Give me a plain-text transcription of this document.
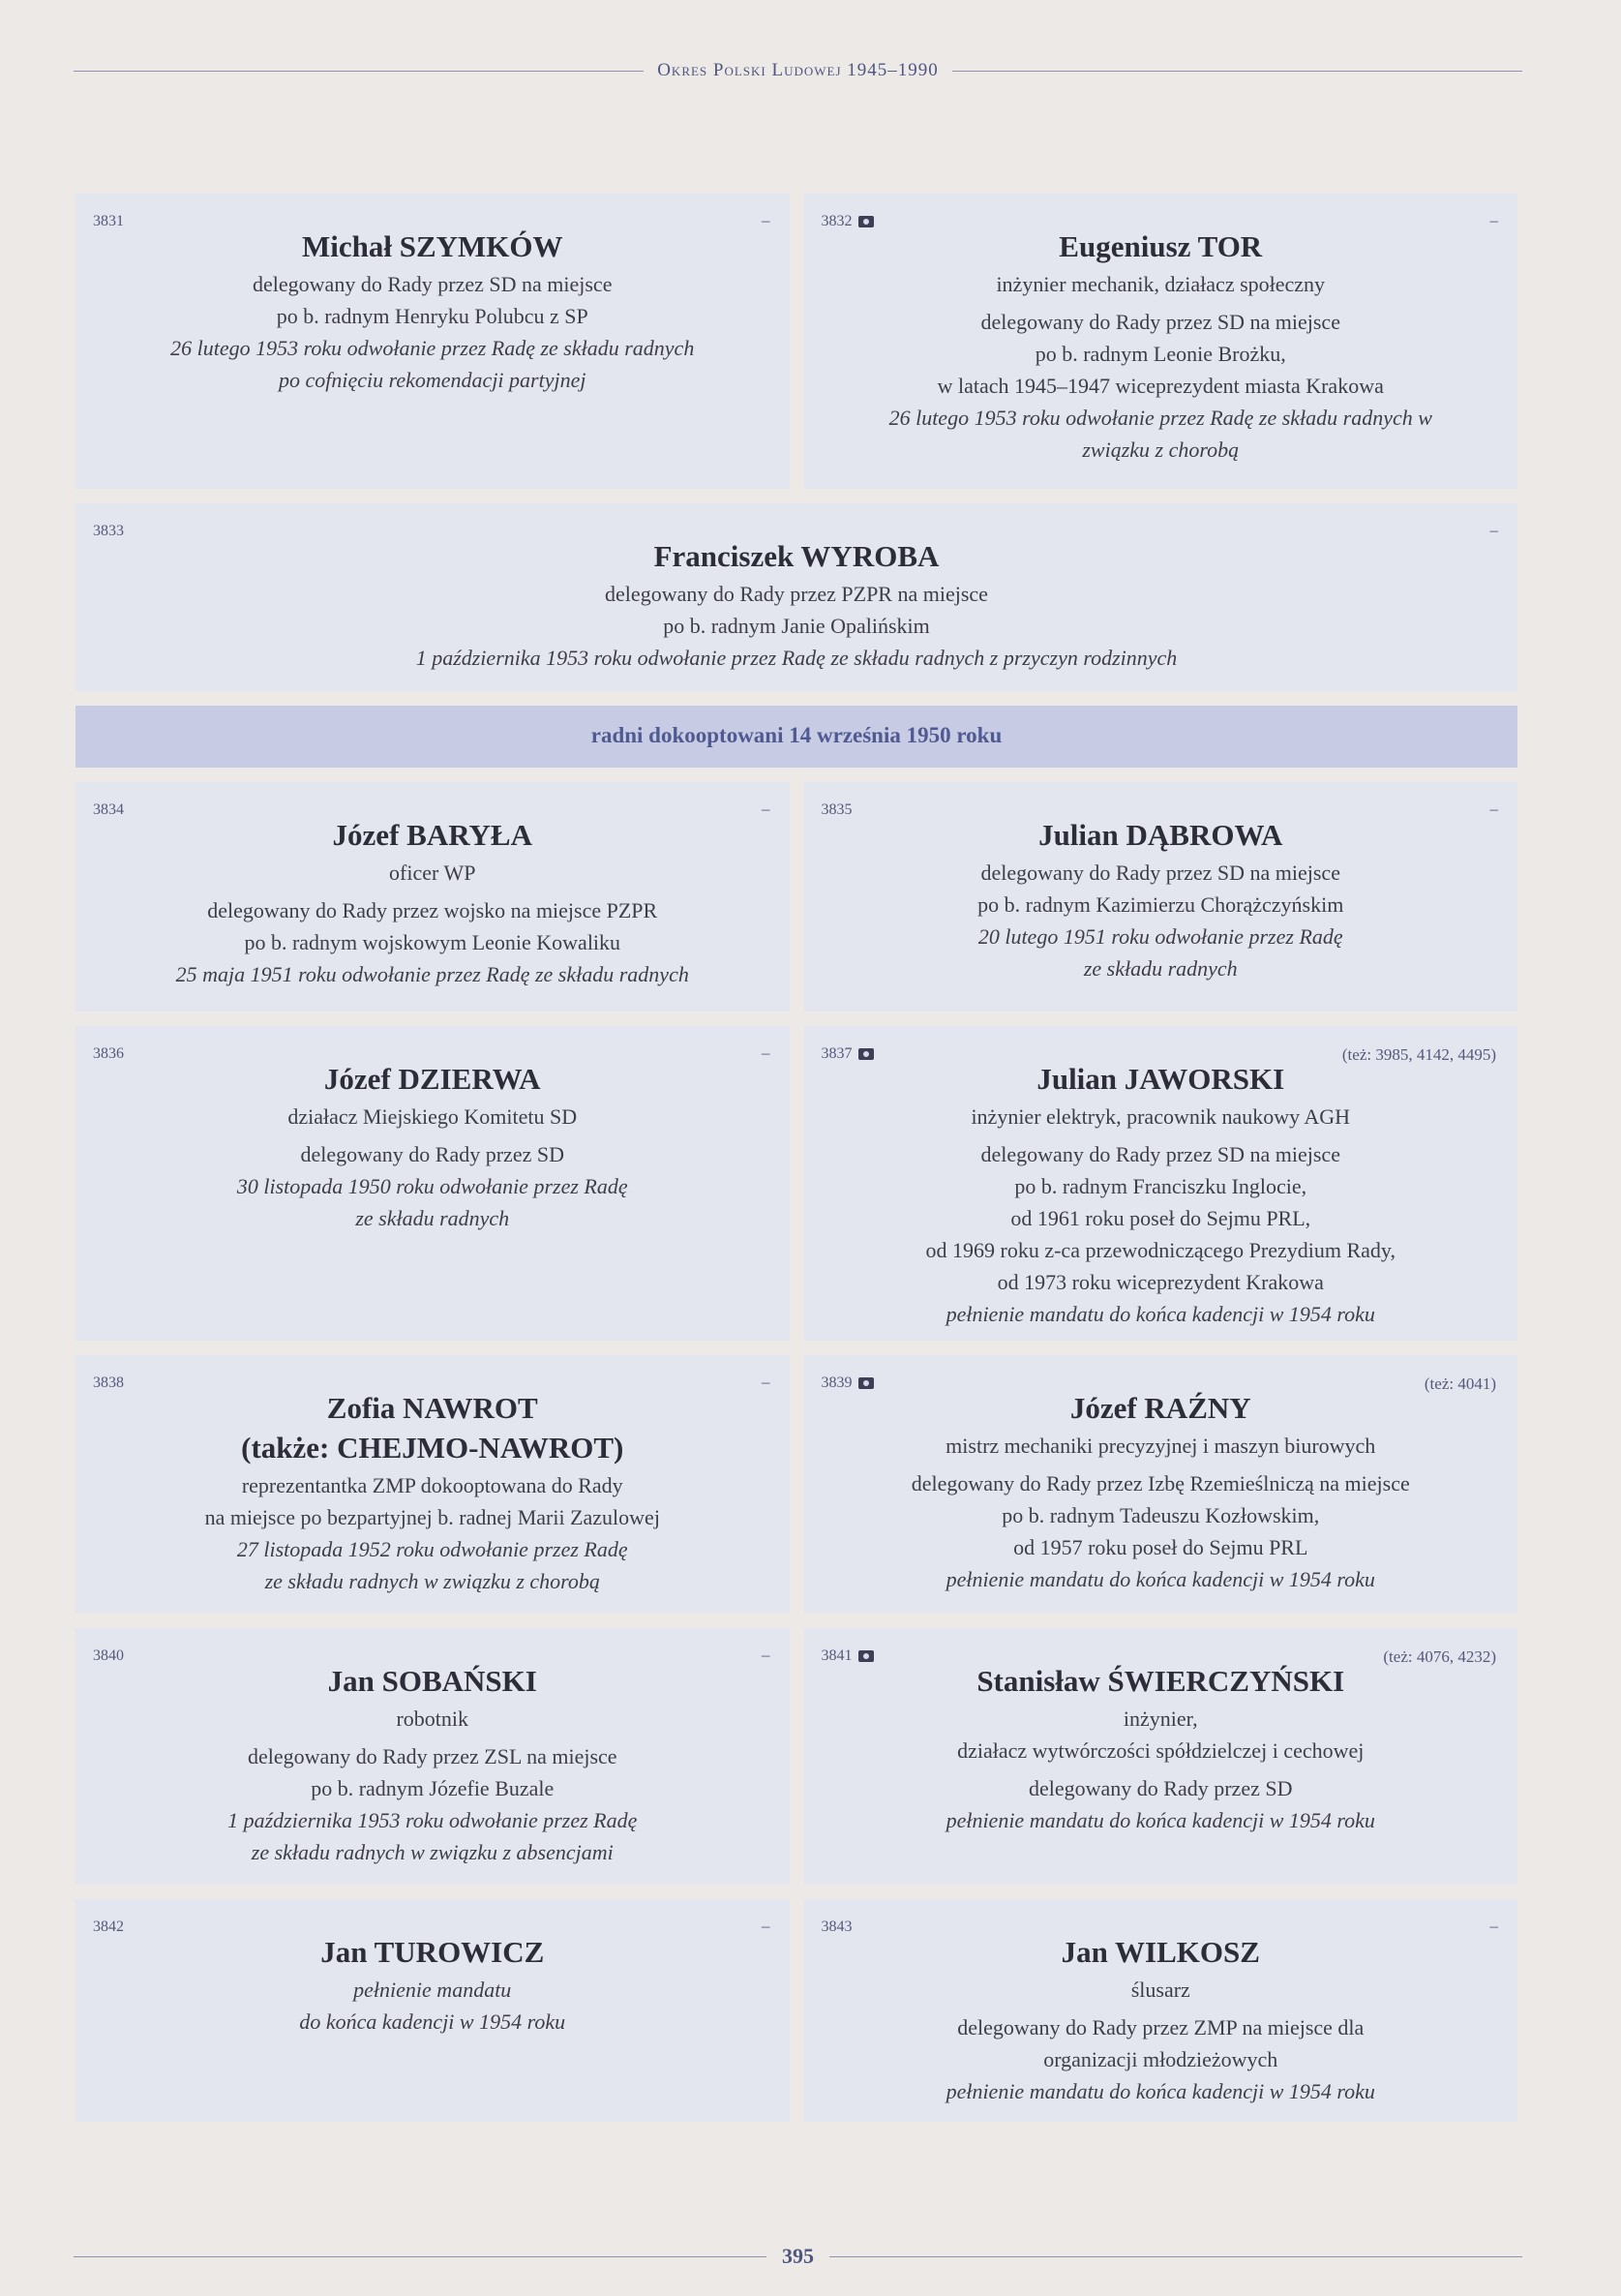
Okres Polski Ludowej 1945–1990
3831	–
Michał SZYMKÓW
delegowany do Rady przez SD na miejsce
po b. radnym Henryku Polubcu z SP
26 lutego 1953 roku odwołanie przez Radę ze składu radnych
po cofnięciu rekomendacji partyjnej
3832	–
Eugeniusz TOR
inżynier mechanik, działacz społeczny
delegowany do Rady przez SD na miejsce
po b. radnym Leonie Brożku,
w latach 1945–1947 wiceprezydent miasta Krakowa
26 lutego 1953 roku odwołanie przez Radę ze składu radnych w
związku z chorobą
3833	–
Franciszek WYROBA
delegowany do Rady przez PZPR na miejsce
po b. radnym Janie Opalińskim
1 października 1953 roku odwołanie przez Radę ze składu radnych z przyczyn rodzinnych
radni dokooptowani 14 września 1950 roku
3834	–
Józef BARYŁA
oficer WP
delegowany do Rady przez wojsko na miejsce PZPR
po b. radnym wojskowym Leonie Kowaliku
25 maja 1951 roku odwołanie przez Radę ze składu radnych
3835	–
Julian DĄBROWA
delegowany do Rady przez SD na miejsce
po b. radnym Kazimierzu Chorążczyńskim
20 lutego 1951 roku odwołanie przez Radę
ze składu radnych
3836	–
Józef DZIERWA
działacz Miejskiego Komitetu SD
delegowany do Rady przez SD
30 listopada 1950 roku odwołanie przez Radę
ze składu radnych
3837	(też: 3985, 4142, 4495)
Julian JAWORSKI
inżynier elektryk, pracownik naukowy AGH
delegowany do Rady przez SD na miejsce
po b. radnym Franciszku Inglocie,
od 1961 roku poseł do Sejmu PRL,
od 1969 roku z-ca przewodniczącego Prezydium Rady,
od 1973 roku wiceprezydent Krakowa
pełnienie mandatu do końca kadencji w 1954 roku
3838	–
Zofia NAWROT
(także: CHEJMO-NAWROT)
reprezentantka ZMP dokooptowana do Rady
na miejsce po bezpartyjnej b. radnej Marii Zazulowej
27 listopada 1952 roku odwołanie przez Radę
ze składu radnych w związku z chorobą
3839	(też: 4041)
Józef RAŹNY
mistrz mechaniki precyzyjnej i maszyn biurowych
delegowany do Rady przez Izbę Rzemieślniczą na miejsce
po b. radnym Tadeuszu Kozłowskim,
od 1957 roku poseł do Sejmu PRL
pełnienie mandatu do końca kadencji w 1954 roku
3840	–
Jan SOBAŃSKI
robotnik
delegowany do Rady przez ZSL na miejsce
po b. radnym Józefie Buzale
1 października 1953 roku odwołanie przez Radę
ze składu radnych w związku z absencjami
3841	(też: 4076, 4232)
Stanisław ŚWIERCZYŃSKI
inżynier,
działacz wytwórczości spółdzielczej i cechowej
delegowany do Rady przez SD
pełnienie mandatu do końca kadencji w 1954 roku
3842	–
Jan TUROWICZ
pełnienie mandatu
do końca kadencji w 1954 roku
3843	–
Jan WILKOSZ
ślusarz
delegowany do Rady przez ZMP na miejsce dla
organizacji młodzieżowych
pełnienie mandatu do końca kadencji w 1954 roku
395
